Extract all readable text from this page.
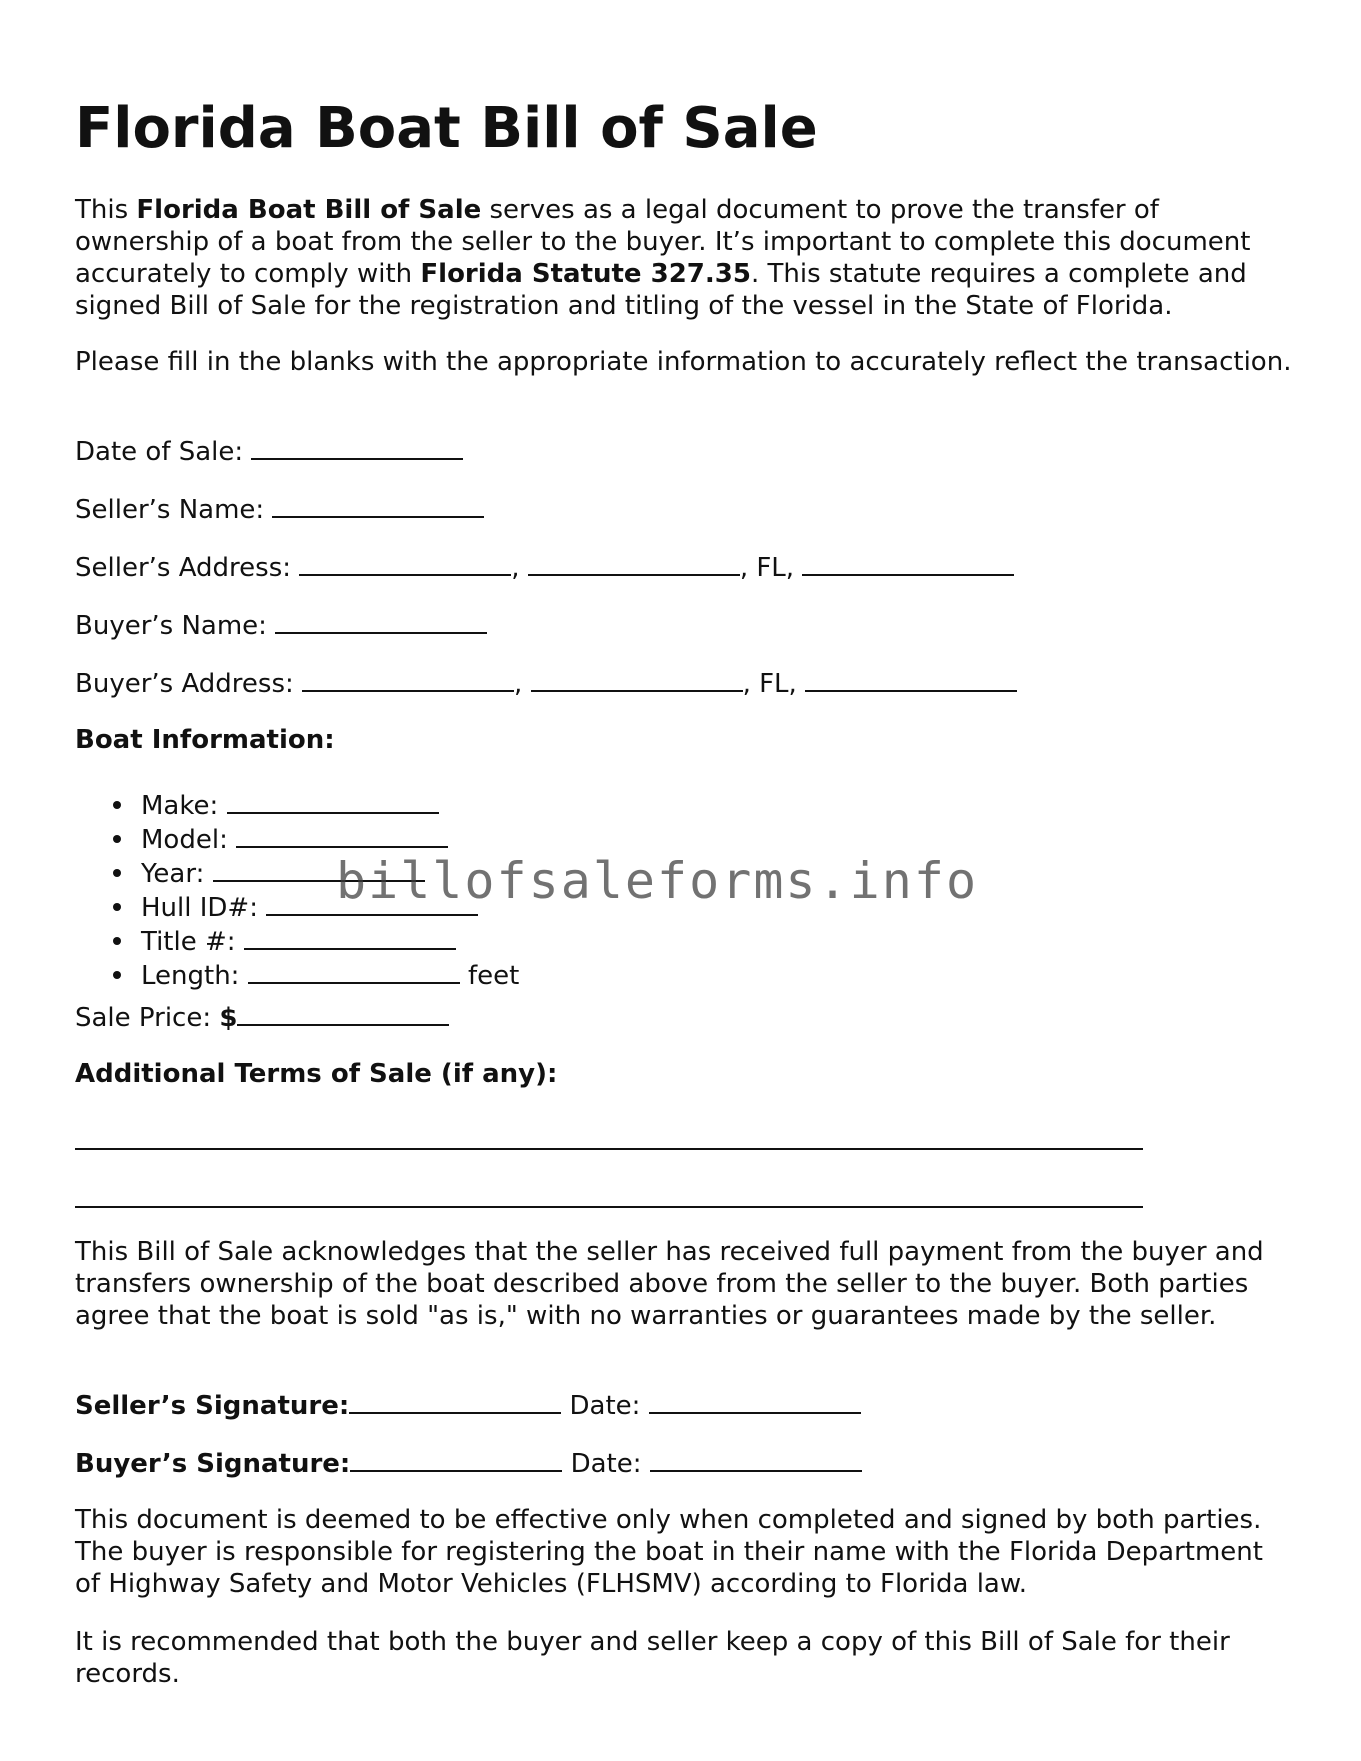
Florida Boat Bill of Sale

This Florida Boat Bill of Sale serves as a legal document to prove the transfer of ownership of a boat from the seller to the buyer. It’s important to complete this document accurately to comply with Florida Statute 327.35. This statute requires a complete and signed Bill of Sale for the registration and titling of the vessel in the State of Florida.

Please fill in the blanks with the appropriate information to accurately reflect the transaction.

Date of Sale:

Seller’s Name:

Seller’s Address:	,	, FL,

Buyer’s Name:

Buyer’s Address:	,	, FL,

Boat Information:

Make:
Model:
Year:
Hull ID#:
Title #:
Length:	feet

Sale Price: $

Additional Terms of Sale (if any):

This Bill of Sale acknowledges that the seller has received full payment from the buyer and transfers ownership of the boat described above from the seller to the buyer. Both parties agree that the boat is sold "as is," with no warranties or guarantees made by the seller.

Seller’s Signature:	Date:

Buyer’s Signature:	Date:

This document is deemed to be effective only when completed and signed by both parties. The buyer is responsible for registering the boat in their name with the Florida Department of Highway Safety and Motor Vehicles (FLHSMV) according to Florida law.

It is recommended that both the buyer and seller keep a copy of this Bill of Sale for their records.

billofsaleforms.info
